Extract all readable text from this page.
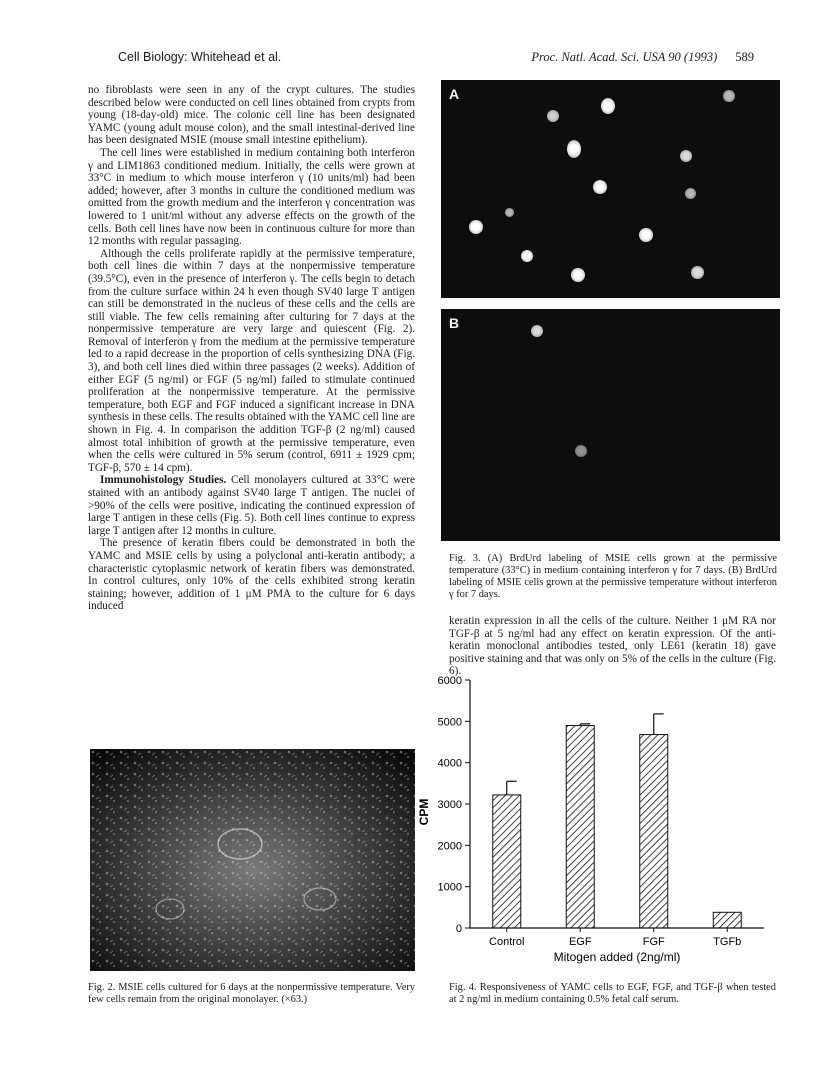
Cell Biology: Whitehead et al.	Proc. Natl. Acad. Sci. USA 90 (1993) 589

no fibroblasts were seen in any of the crypt cultures. The studies described below were conducted on cell lines obtained from crypts from young (18-day-old) mice. The colonic cell line has been designated YAMC (young adult mouse colon), and the small intestinal-derived line has been designated MSIE (mouse small intestine epithelium).

The cell lines were established in medium containing both interferon γ and LIM1863 conditioned medium. Initially, the cells were grown at 33°C in medium to which mouse interferon γ (10 units/ml) had been added; however, after 3 months in culture the conditioned medium was omitted from the growth medium and the interferon γ concentration was lowered to 1 unit/ml without any adverse effects on the growth of the cells. Both cell lines have now been in continuous culture for more than 12 months with regular passaging.

Although the cells proliferate rapidly at the permissive temperature, both cell lines die within 7 days at the nonpermissive temperature (39.5°C), even in the presence of interferon γ. The cells begin to detach from the culture surface within 24 h even though SV40 large T antigen can still be demonstrated in the nucleus of these cells and the cells are still viable. The few cells remaining after culturing for 7 days at the nonpermissive temperature are very large and quiescent (Fig. 2). Removal of interferon γ from the medium at the permissive temperature led to a rapid decrease in the proportion of cells synthesizing DNA (Fig. 3), and both cell lines died within three passages (2 weeks). Addition of either EGF (5 ng/ml) or FGF (5 ng/ml) failed to stimulate continued proliferation at the nonpermissive temperature. At the permissive temperature, both EGF and FGF induced a significant increase in DNA synthesis in these cells. The results obtained with the YAMC cell line are shown in Fig. 4. In comparison the addition TGF-β (2 ng/ml) caused almost total inhibition of growth at the permissive temperature, even when the cells were cultured in 5% serum (control, 6911 ± 1929 cpm; TGF-β, 570 ± 14 cpm).

Immunohistology Studies. Cell monolayers cultured at 33°C were stained with an antibody against SV40 large T antigen. The nuclei of >90% of the cells were positive, indicating the continued expression of large T antigen in these cells (Fig. 5). Both cell lines continue to express large T antigen after 12 months in culture.

The presence of keratin fibers could be demonstrated in both the YAMC and MSIE cells by using a polyclonal anti-keratin antibody; a characteristic cytoplasmic network of keratin fibers was demonstrated. In control cultures, only 10% of the cells exhibited strong keratin staining; however, addition of 1 μM PMA to the culture for 6 days induced

A
B
Fig. 3. (A) BrdUrd labeling of MSIE cells grown at the permissive temperature (33°C) in medium containing interferon γ for 7 days. (B) BrdUrd labeling of MSIE cells grown at the permissive temperature without interferon γ for 7 days.

keratin expression in all the cells of the culture. Neither 1 μM RA nor TGF-β at 5 ng/ml had any effect on keratin expression. Of the anti-keratin monoclonal antibodies tested, only LE61 (keratin 18) gave positive staining and that was only on 5% of the cells in the culture (Fig. 6).

Fig. 2. MSIE cells cultured for 6 days at the nonpermissive temperature. Very few cells remain from the original monolayer. (×63.)
0
1000
2000
3000
4000
5000
6000
Control	EGF	FGF	TGFb
CPM
Mitogen added (2ng/ml)
Fig. 4. Responsiveness of YAMC cells to EGF, FGF, and TGF-β when tested at 2 ng/ml in medium containing 0.5% fetal calf serum.
